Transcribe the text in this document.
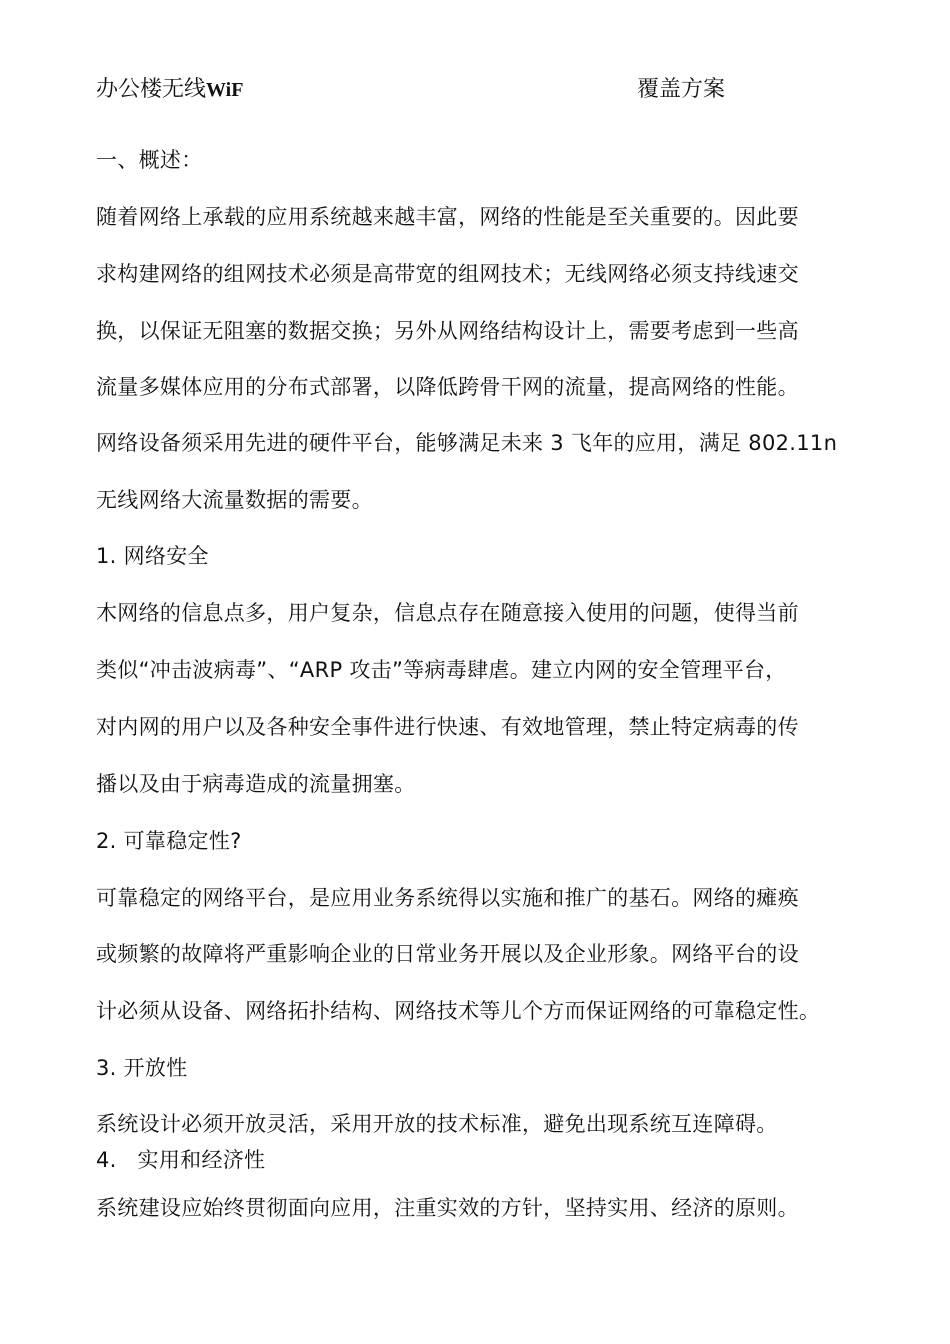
办公楼无线WiF	覆盖方案
一、概述：
随着网络上承载的应用系统越来越丰富，网络的性能是至关重要的。因此要
求构建网络的组网技术必须是高带宽的组网技术；无线网络必须支持线速交
换，以保证无阻塞的数据交换；另外从网络结构设计上，需要考虑到一些高
流量多媒体应用的分布式部署，以降低跨骨干网的流量，提高网络的性能。
网络设备须采用先进的硬件平台，能够满足未来 3 飞年的应用，满足 802.11n
无线网络大流量数据的需要。
1. 网络安全
木网络的信息点多，用户复杂，信息点存在随意接入使用的问题，使得当前
类似“冲击波病毒”、“ARP 攻击”等病毒肆虐。建立内网的安全管理平台，
对内网的用户以及各种安全事件进行快速、有效地管理，禁止特定病毒的传
播以及由于病毒造成的流量拥塞。
2. 可靠稳定性?
可靠稳定的网络平台，是应用业务系统得以实施和推广的基石。网络的瘫痪
或频繁的故障将严重影响企业的日常业务开展以及企业形象。网络平台的设
计必须从设备、网络拓扑结构、网络技术等儿个方而保证网络的可靠稳定性。
3. 开放性
系统设计必须开放灵活，采用开放的技术标准，避免出现系统互连障碍。
4.   实用和经济性
系统建设应始终贯彻面向应用，注重实效的方针，坚持实用、经济的原则。
